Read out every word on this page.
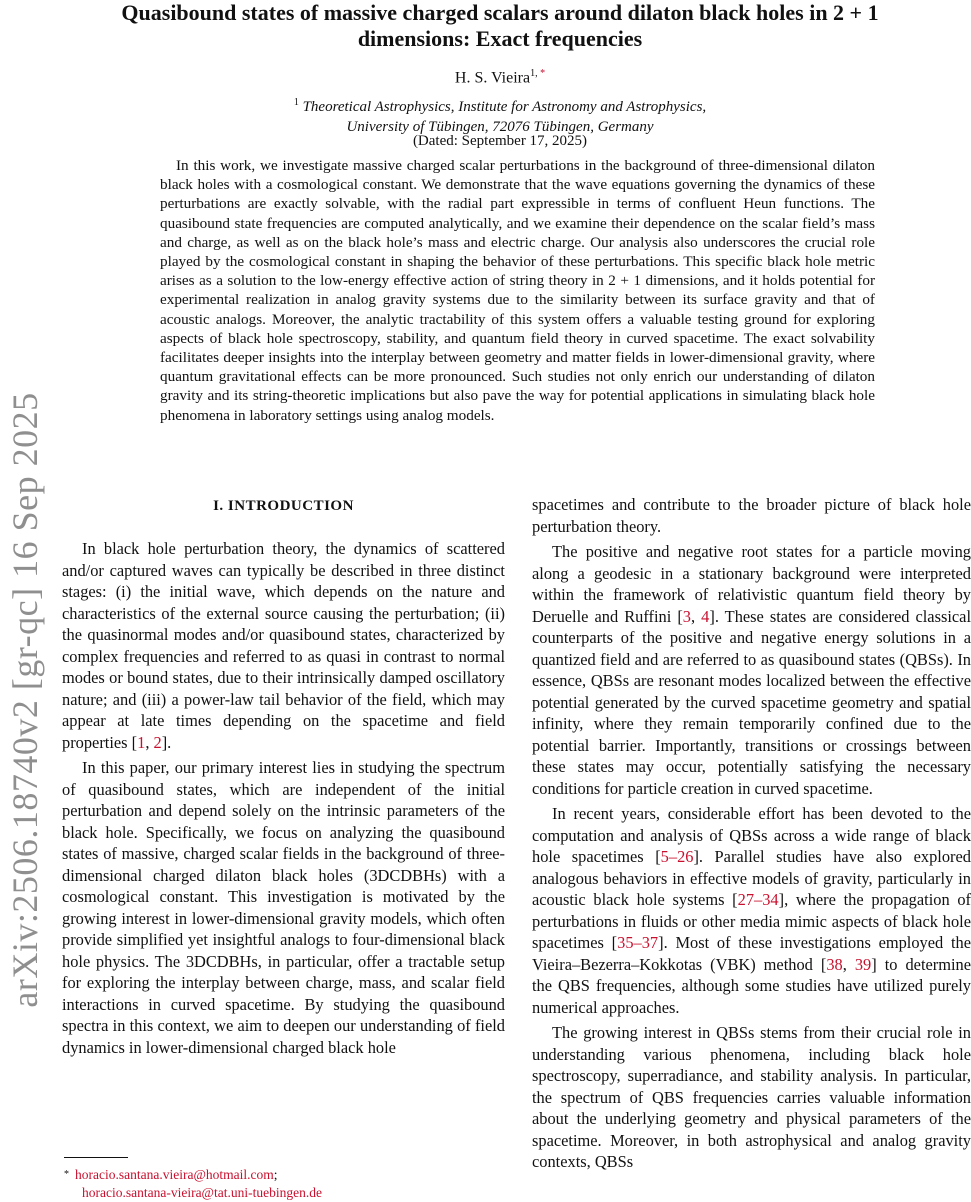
arXiv:2506.18740v2 [gr-qc] 16 Sep 2025
Quasibound states of massive charged scalars around dilaton black holes in 2 + 1
dimensions: Exact frequencies
H. S. Vieira$^{1, *}$
$^1$ Theoretical Astrophysics, Institute for Astronomy and Astrophysics,
University of Tübingen, 72076 Tübingen, Germany
(Dated: September 17, 2025)

In this work, we investigate massive charged scalar perturbations in the background of three-dimensional dilaton black holes with a cosmological constant. We demonstrate that the wave equations governing the dynamics of these perturbations are exactly solvable, with the radial part expressible in terms of confluent Heun functions. The quasibound state frequencies are computed analytically, and we examine their dependence on the scalar field’s mass and charge, as well as on the black hole’s mass and electric charge. Our analysis also underscores the crucial role played by the cosmological constant in shaping the behavior of these perturbations. This specific black hole metric arises as a solution to the low-energy effective action of string theory in 2 + 1 dimensions, and it holds potential for experimental realization in analog gravity systems due to the similarity between its surface gravity and that of acoustic analogs. Moreover, the analytic tractability of this system offers a valuable testing ground for exploring aspects of black hole spectroscopy, stability, and quantum field theory in curved spacetime. The exact solvability facilitates deeper insights into the interplay between geometry and matter fields in lower-dimensional gravity, where quantum gravitational effects can be more pronounced. Such studies not only enrich our understanding of dilaton gravity and its string-theoretic implications but also pave the way for potential applications in simulating black hole phenomena in laboratory settings using analog models.

I. INTRODUCTION

In black hole perturbation theory, the dynamics of scattered and/or captured waves can typically be described in three distinct stages: (i) the initial wave, which depends on the nature and characteristics of the external source causing the perturbation; (ii) the quasinormal modes and/or quasibound states, characterized by complex frequencies and referred to as quasi in contrast to normal modes or bound states, due to their intrinsically damped oscillatory nature; and (iii) a power-law tail behavior of the field, which may appear at late times depending on the spacetime and field properties [1, 2].

In this paper, our primary interest lies in studying the spectrum of quasibound states, which are independent of the initial perturbation and depend solely on the intrinsic parameters of the black hole. Specifically, we focus on analyzing the quasibound states of massive, charged scalar fields in the background of three-dimensional charged dilaton black holes (3DCDBHs) with a cosmological constant. This investigation is motivated by the growing interest in lower-dimensional gravity models, which often provide simplified yet insightful analogs to four-dimensional black hole physics. The 3DCDBHs, in particular, offer a tractable setup for exploring the interplay between charge, mass, and scalar field interactions in curved spacetime. By studying the quasibound spectra in this context, we aim to deepen our understanding of field dynamics in lower-dimensional charged black hole

spacetimes and contribute to the broader picture of black hole perturbation theory.

The positive and negative root states for a particle moving along a geodesic in a stationary background were interpreted within the framework of relativistic quantum field theory by Deruelle and Ruffini [3, 4]. These states are considered classical counterparts of the positive and negative energy solutions in a quantized field and are referred to as quasibound states (QBSs). In essence, QBSs are resonant modes localized between the effective potential generated by the curved spacetime geometry and spatial infinity, where they remain temporarily confined due to the potential barrier. Importantly, transitions or crossings between these states may occur, potentially satisfying the necessary conditions for particle creation in curved spacetime.

In recent years, considerable effort has been devoted to the computation and analysis of QBSs across a wide range of black hole spacetimes [5–26]. Parallel studies have also explored analogous behaviors in effective models of gravity, particularly in acoustic black hole systems [27–34], where the propagation of perturbations in fluids or other media mimic aspects of black hole spacetimes [35–37]. Most of these investigations employed the Vieira–Bezerra–Kokkotas (VBK) method [38, 39] to determine the QBS frequencies, although some studies have utilized purely numerical approaches.

The growing interest in QBSs stems from their crucial role in understanding various phenomena, including black hole spectroscopy, superradiance, and stability analysis. In particular, the spectrum of QBS frequencies carries valuable information about the underlying geometry and physical parameters of the spacetime. Moreover, in both astrophysical and analog gravity contexts, QBSs

* horacio.santana.vieira@hotmail.com;

horacio.santana-vieira@tat.uni-tuebingen.de
